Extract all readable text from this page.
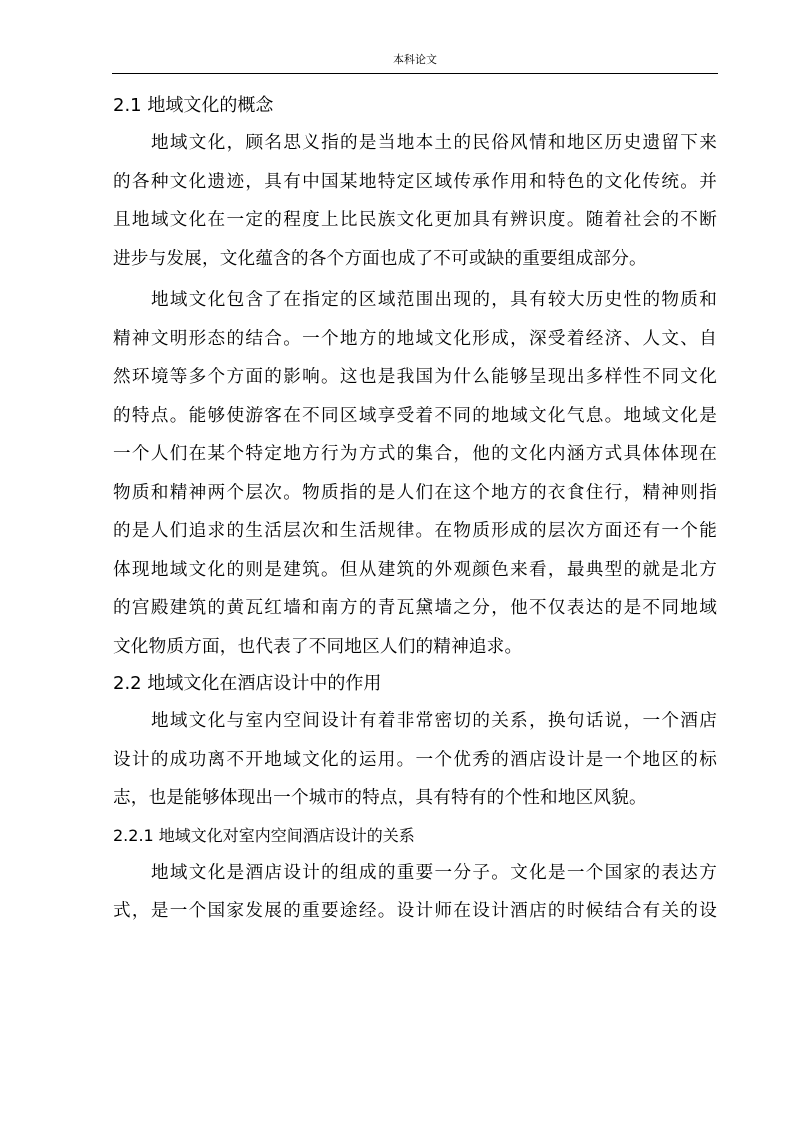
本科论文
2.1 地域文化的概念
地域文化，顾名思义指的是当地本土的民俗风情和地区历史遗留下来
的各种文化遗迹，具有中国某地特定区域传承作用和特色的文化传统。并
且地域文化在一定的程度上比民族文化更加具有辨识度。随着社会的不断
进步与发展，文化蕴含的各个方面也成了不可或缺的重要组成部分。
地域文化包含了在指定的区域范围出现的，具有较大历史性的物质和
精神文明形态的结合。一个地方的地域文化形成，深受着经济、人文、自
然环境等多个方面的影响。这也是我国为什么能够呈现出多样性不同文化
的特点。能够使游客在不同区域享受着不同的地域文化气息。地域文化是
一个人们在某个特定地方行为方式的集合，他的文化内涵方式具体体现在
物质和精神两个层次。物质指的是人们在这个地方的衣食住行，精神则指
的是人们追求的生活层次和生活规律。在物质形成的层次方面还有一个能
体现地域文化的则是建筑。但从建筑的外观颜色来看，最典型的就是北方
的宫殿建筑的黄瓦红墙和南方的青瓦黛墙之分，他不仅表达的是不同地域
文化物质方面，也代表了不同地区人们的精神追求。
2.2 地域文化在酒店设计中的作用
地域文化与室内空间设计有着非常密切的关系，换句话说，一个酒店
设计的成功离不开地域文化的运用。一个优秀的酒店设计是一个地区的标
志，也是能够体现出一个城市的特点，具有特有的个性和地区风貌。
2.2.1 地域文化对室内空间酒店设计的关系
地域文化是酒店设计的组成的重要一分子。文化是一个国家的表达方
式，是一个国家发展的重要途经。设计师在设计酒店的时候结合有关的设
